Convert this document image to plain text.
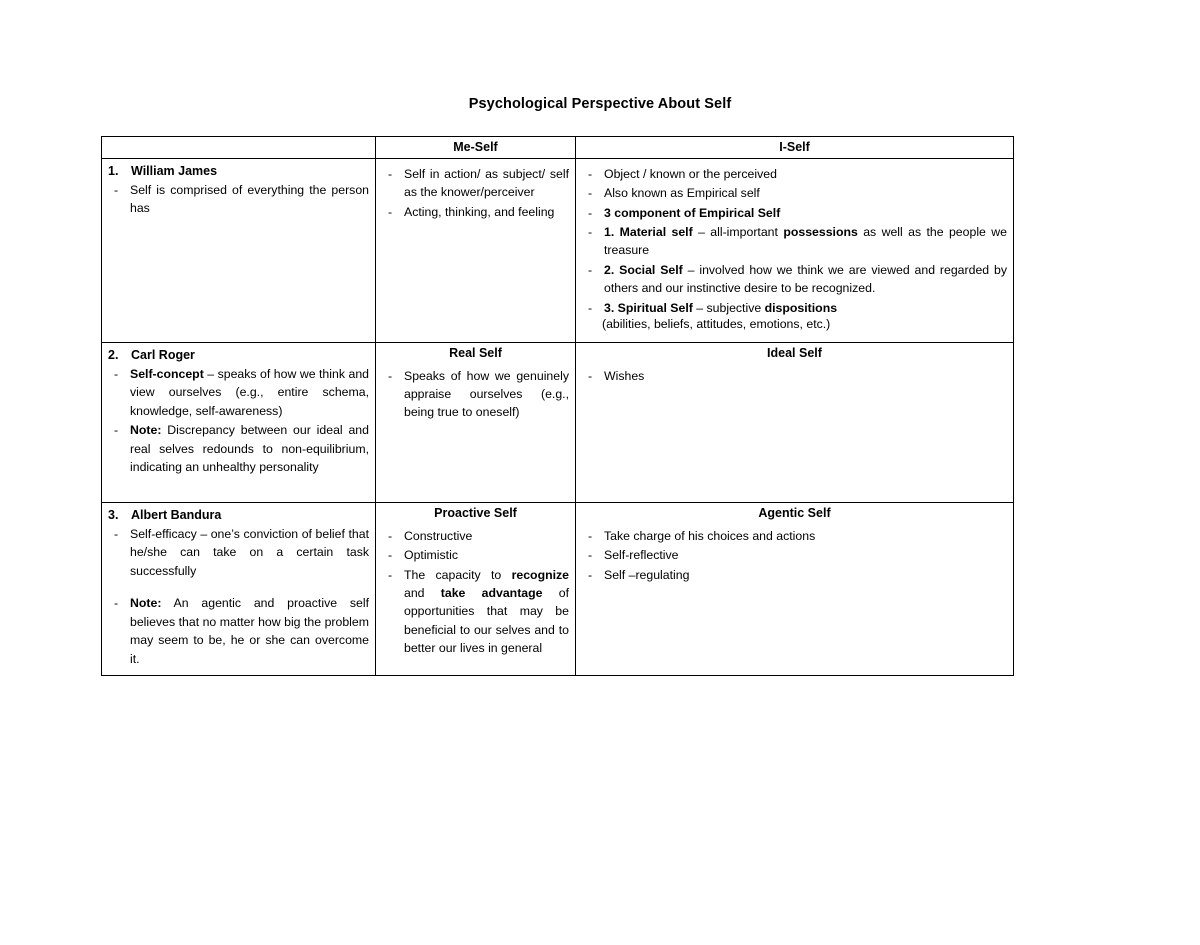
Psychological Perspective About Self

	Me-Self	I-Self

1.	William James
- Self is comprised of everything the person has

- Self in action/ as subject/ self as the knower/perceiver
- Acting, thinking, and feeling

- Object / known or the perceived
- Also known as Empirical self
- 3 component of Empirical Self
- 1. Material self – all-important possessions as well as the people we treasure
- 2. Social Self – involved how we think we are viewed and regarded by others and our instinctive desire to be recognized.
- 3. Spiritual Self – subjective dispositions
(abilities, beliefs, attitudes, emotions, etc.)

2.	Carl Roger
- Self-concept – speaks of how we think and view ourselves (e.g., entire schema, knowledge, self-awareness)
- Note: Discrepancy between our ideal and real selves redounds to non-equilibrium, indicating an unhealthy personality

Real Self
- Speaks of how we genuinely appraise ourselves (e.g., being true to oneself)

Ideal Self
- Wishes

3.	Albert Bandura
- Self-efficacy – one’s conviction of belief that he/she can take on a certain task successfully
- Note: An agentic and proactive self believes that no matter how big the problem may seem to be, he or she can overcome it.

Proactive Self
- Constructive
- Optimistic
- The capacity to recognize and take advantage of opportunities that may be beneficial to our selves and to better our lives in general

Agentic Self
- Take charge of his choices and actions
- Self-reflective
- Self –regulating
